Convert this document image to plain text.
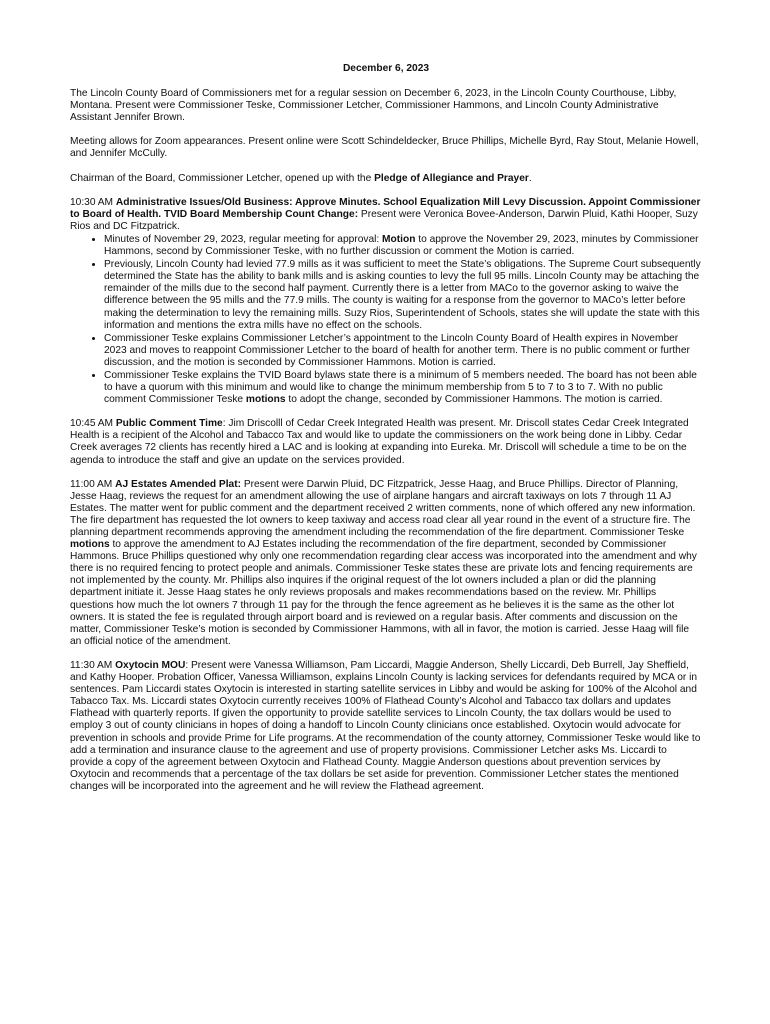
December 6, 2023

The Lincoln County Board of Commissioners met for a regular session on December 6, 2023, in the Lincoln County Courthouse, Libby, Montana. Present were Commissioner Teske, Commissioner Letcher, Commissioner Hammons, and Lincoln County Administrative Assistant Jennifer Brown.

Meeting allows for Zoom appearances. Present online were Scott Schindeldecker, Bruce Phillips, Michelle Byrd, Ray Stout, Melanie Howell, and Jennifer McCully.

Chairman of the Board, Commissioner Letcher, opened up with the Pledge of Allegiance and Prayer.

10:30 AM Administrative Issues/Old Business: Approve Minutes. School Equalization Mill Levy Discussion. Appoint Commissioner to Board of Health. TVID Board Membership Count Change: Present were Veronica Bovee-Anderson, Darwin Pluid, Kathi Hooper, Suzy Rios and DC Fitzpatrick.

• Minutes of November 29, 2023, regular meeting for approval: Motion to approve the November 29, 2023, minutes by Commissioner Hammons, second by Commissioner Teske, with no further discussion or comment the Motion is carried.
• Previously, Lincoln County had levied 77.9 mills as it was sufficient to meet the State’s obligations. The Supreme Court subsequently determined the State has the ability to bank mills and is asking counties to levy the full 95 mills. Lincoln County may be attaching the remainder of the mills due to the second half payment. Currently there is a letter from MACo to the governor asking to waive the difference between the 95 mills and the 77.9 mills. The county is waiting for a response from the governor to MACo’s letter before making the determination to levy the remaining mills. Suzy Rios, Superintendent of Schools, states she will update the state with this information and mentions the extra mills have no effect on the schools.
• Commissioner Teske explains Commissioner Letcher’s appointment to the Lincoln County Board of Health expires in November 2023 and moves to reappoint Commissioner Letcher to the board of health for another term. There is no public comment or further discussion, and the motion is seconded by Commissioner Hammons. Motion is carried.
• Commissioner Teske explains the TVID Board bylaws state there is a minimum of 5 members needed. The board has not been able to have a quorum with this minimum and would like to change the minimum membership from 5 to 7 to 3 to 7. With no public comment Commissioner Teske motions to adopt the change, seconded by Commissioner Hammons. The motion is carried.

10:45 AM Public Comment Time: Jim Driscolll of Cedar Creek Integrated Health was present. Mr. Driscoll states Cedar Creek Integrated Health is a recipient of the Alcohol and Tabacco Tax and would like to update the commissioners on the work being done in Libby. Cedar Creek averages 72 clients has recently hired a LAC and is looking at expanding into Eureka. Mr. Driscoll will schedule a time to be on the agenda to introduce the staff and give an update on the services provided.

11:00 AM AJ Estates Amended Plat: Present were Darwin Pluid, DC Fitzpatrick, Jesse Haag, and Bruce Phillips. Director of Planning, Jesse Haag, reviews the request for an amendment allowing the use of airplane hangars and aircraft taxiways on lots 7 through 11 AJ Estates. The matter went for public comment and the department received 2 written comments, none of which offered any new information. The fire department has requested the lot owners to keep taxiway and access road clear all year round in the event of a structure fire. The planning department recommends approving the amendment including the recommendation of the fire department. Commissioner Teske motions to approve the amendment to AJ Estates including the recommendation of the fire department, seconded by Commissioner Hammons. Bruce Phillips questioned why only one recommendation regarding clear access was incorporated into the amendment and why there is no required fencing to protect people and animals. Commissioner Teske states these are private lots and fencing requirements are not implemented by the county. Mr. Phillips also inquires if the original request of the lot owners included a plan or did the planning department initiate it. Jesse Haag states he only reviews proposals and makes recommendations based on the review. Mr. Phillips questions how much the lot owners 7 through 11 pay for the through the fence agreement as he believes it is the same as the other lot owners. It is stated the fee is regulated through airport board and is reviewed on a regular basis. After comments and discussion on the matter, Commissioner Teske’s motion is seconded by Commissioner Hammons, with all in favor, the motion is carried. Jesse Haag will file an official notice of the amendment.

11:30 AM Oxytocin MOU: Present were Vanessa Williamson, Pam Liccardi, Maggie Anderson, Shelly Liccardi, Deb Burrell, Jay Sheffield, and Kathy Hooper. Probation Officer, Vanessa Williamson, explains Lincoln County is lacking services for defendants required by MCA or in sentences. Pam Liccardi states Oxytocin is interested in starting satellite services in Libby and would be asking for 100% of the Alcohol and Tabacco Tax. Ms. Liccardi states Oxytocin currently receives 100% of Flathead County’s Alcohol and Tabacco tax dollars and updates Flathead with quarterly reports. If given the opportunity to provide satellite services to Lincoln County, the tax dollars would be used to employ 3 out of county clinicians in hopes of doing a handoff to Lincoln County clinicians once established. Oxytocin would advocate for prevention in schools and provide Prime for Life programs. At the recommendation of the county attorney, Commissioner Teske would like to add a termination and insurance clause to the agreement and use of property provisions. Commissioner Letcher asks Ms. Liccardi to provide a copy of the agreement between Oxytocin and Flathead County. Maggie Anderson questions about prevention services by Oxytocin and recommends that a percentage of the tax dollars be set aside for prevention. Commissioner Letcher states the mentioned changes will be incorporated into the agreement and he will review the Flathead agreement.
